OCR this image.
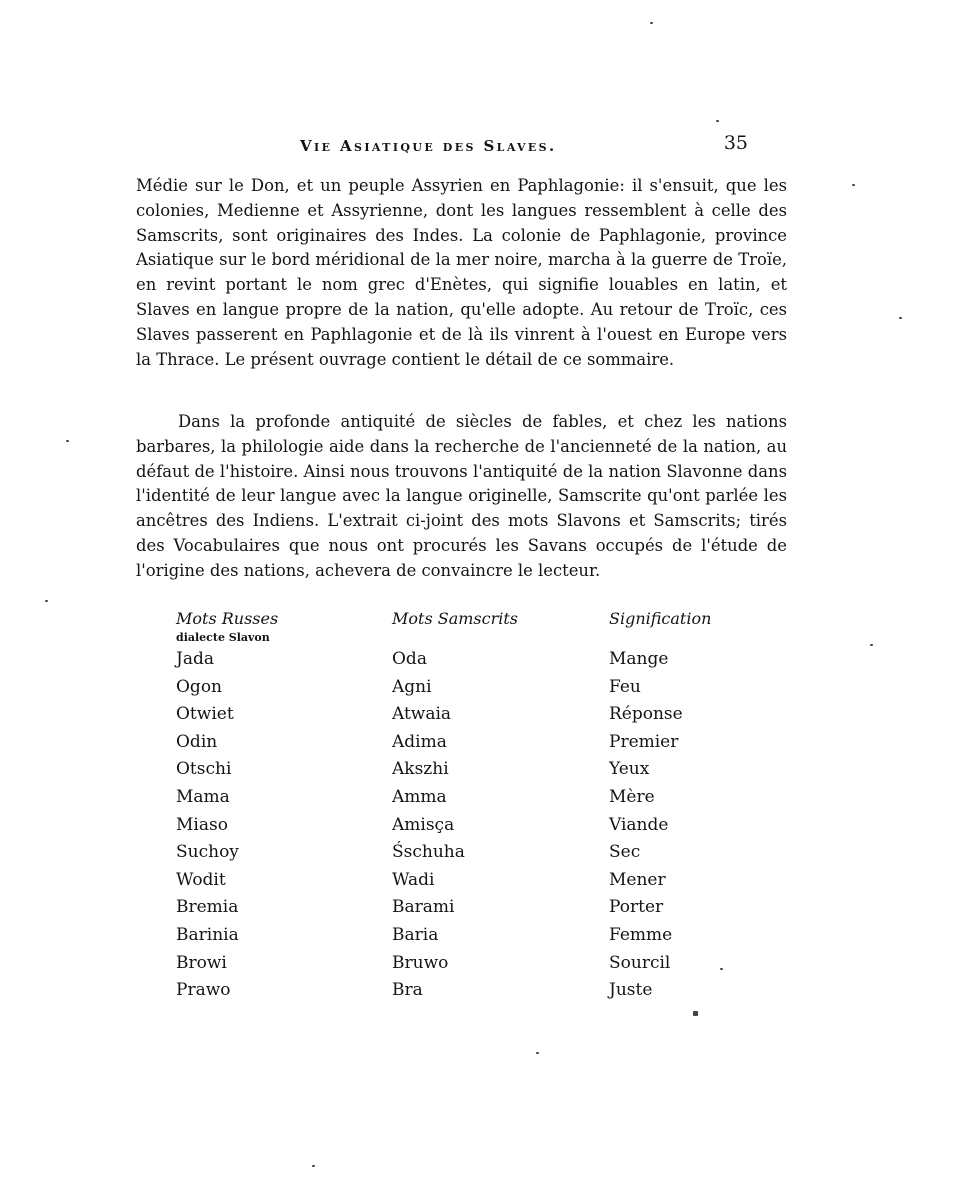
Vie Asiatique des Slaves.	35

Médie sur le Don, et un peuple Assyrien en Paphlagonie: il s'ensuit, que les colonies, Medienne et Assyrienne, dont les langues ressemblent à celle des Samscrits, sont originaires des Indes. La colonie de Paphlagonie, province Asiatique sur le bord méridional de la mer noire, marcha à la guerre de Troïe, en revint portant le nom grec d'Enètes, qui signifie louables en latin, et Slaves en langue propre de la nation, qu'elle adopte. Au retour de Troïc, ces Slaves passerent en Paphlagonie et de là ils vinrent à l'ouest en Europe vers la Thrace. Le présent ouvrage contient le détail de ce sommaire.

Dans la profonde antiquité de siècles de fables, et chez les nations barbares, la philologie aide dans la recherche de l'ancienneté de la nation, au défaut de l'histoire. Ainsi nous trouvons l'antiquité de la nation Slavonne dans l'identité de leur langue avec la langue originelle, Samscrite qu'ont parlée les ancêtres des Indiens. L'extrait ci-joint des mots Slavons et Samscrits; tirés des Vocabulaires que nous ont procurés les Savans occupés de l'étude de l'origine des nations, achevera de convaincre le lecteur.

Mots Russes
dialecte Slavon
Jada
Ogon
Otwiet
Odin
Otschi
Mama
Miaso
Suchoy
Wodit
Bremia
Barinia
Browi
Prawo
Mots Samscrits
Oda
Agni
Atwaia
Adima
Akszhi
Amma
Amisça
Śschuha
Wadi
Barami
Baria
Bruwo
Bra
Signification
Mange
Feu
Réponse
Premier
Yeux
Mère
Viande
Sec
Mener
Porter
Femme
Sourcil
Juste
